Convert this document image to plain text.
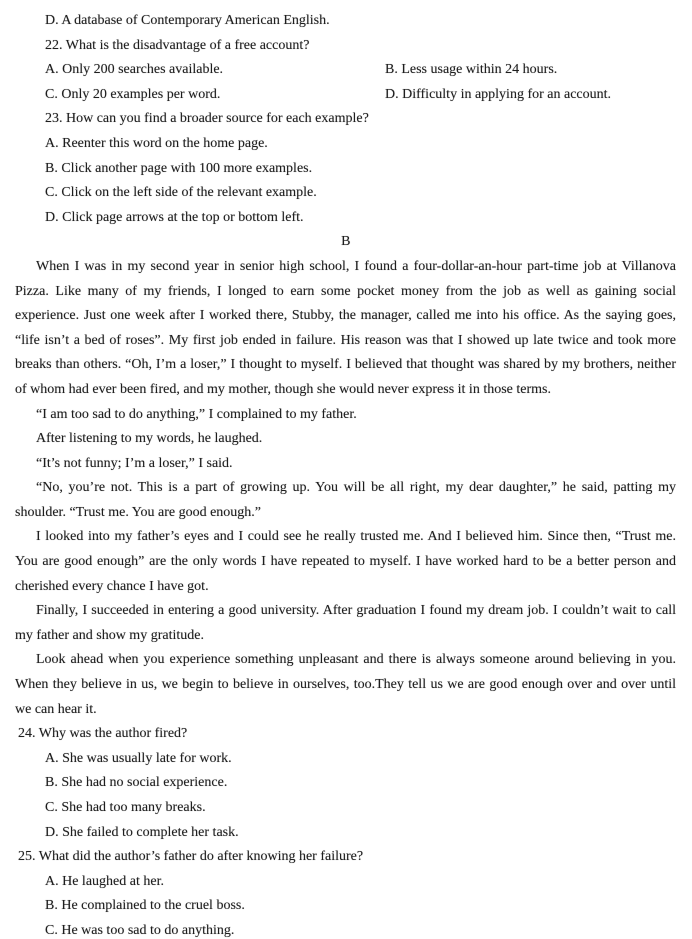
D. A database of Contemporary American English.
22. What is the disadvantage of a free account?
A. Only 200 searches available.	B. Less usage within 24 hours.
C. Only 20 examples per word.	D. Difficulty in applying for an account.
23. How can you find a broader source for each example?
A. Reenter this word on the home page.
B. Click another page with 100 more examples.
C. Click on the left side of the relevant example.
D. Click page arrows at the top or bottom left.
B

When I was in my second year in senior high school, I found a four-dollar-an-hour part-time job at Villanova Pizza. Like many of my friends, I longed to earn some pocket money from the job as well as gaining social experience. Just one week after I worked there, Stubby, the manager, called me into his office. As the saying goes, “life isn’t a bed of roses”. My first job ended in failure. His reason was that I showed up late twice and took more breaks than others. “Oh, I’m a loser,” I thought to myself. I believed that thought was shared by my brothers, neither of whom had ever been fired, and my mother, though she would never express it in those terms.

“I am too sad to do anything,” I complained to my father.

After listening to my words, he laughed.

“It’s not funny; I’m a loser,” I said.

“No, you’re not. This is a part of growing up. You will be all right, my dear daughter,” he said, patting my shoulder. “Trust me. You are good enough.”

I looked into my father’s eyes and I could see he really trusted me. And I believed him. Since then, “Trust me. You are good enough” are the only words I have repeated to myself. I have worked hard to be a better person and cherished every chance I have got.

Finally, I succeeded in entering a good university. After graduation I found my dream job. I couldn’t wait to call my father and show my gratitude.

Look ahead when you experience something unpleasant and there is always someone around believing in you. When they believe in us, we begin to believe in ourselves, too.They tell us we are good enough over and over until we can hear it.

24. Why was the author fired?
A. She was usually late for work.
B. She had no social experience.
C. She had too many breaks.
D. She failed to complete her task.
25. What did the author’s father do after knowing her failure?
A. He laughed at her.
B. He complained to the cruel boss.
C. He was too sad to do anything.
